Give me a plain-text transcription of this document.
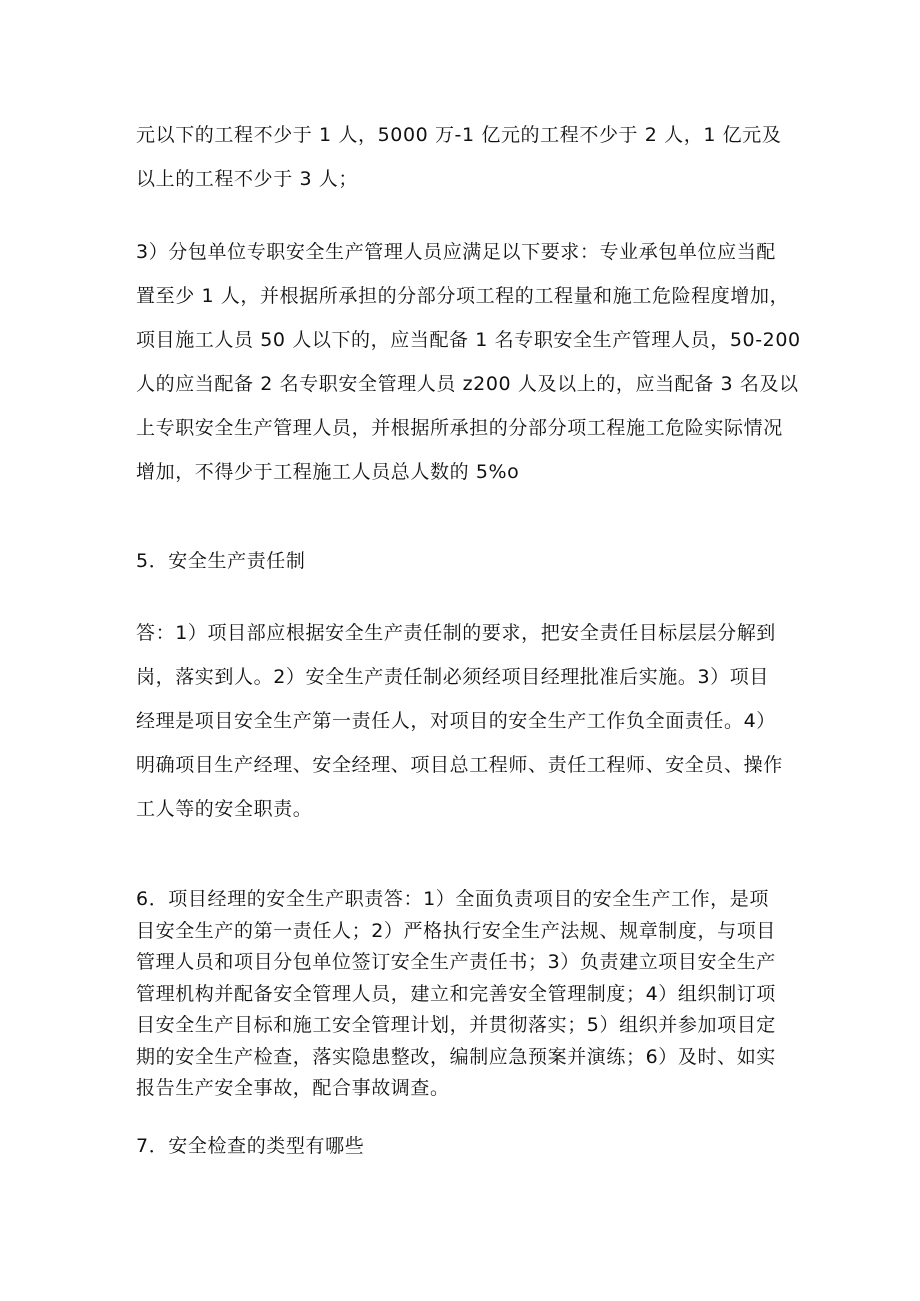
元以下的工程不少于 1 人，5000 万-1 亿元的工程不少于 2 人，1 亿元及
以上的工程不少于 3 人；
3）分包单位专职安全生产管理人员应满足以下要求：专业承包单位应当配
置至少 1 人，并根据所承担的分部分项工程的工程量和施工危险程度增加，
项目施工人员 50 人以下的，应当配备 1 名专职安全生产管理人员，50-200
人的应当配备 2 名专职安全管理人员 z200 人及以上的，应当配备 3 名及以
上专职安全生产管理人员，并根据所承担的分部分项工程施工危险实际情况
增加，不得少于工程施工人员总人数的 5%o
5．安全生产责任制
答：1）项目部应根据安全生产责任制的要求，把安全责任目标层层分解到
岗，落实到人。2）安全生产责任制必须经项目经理批准后实施。3）项目
经理是项目安全生产第一责任人，对项目的安全生产工作负全面责任。4）
明确项目生产经理、安全经理、项目总工程师、责任工程师、安全员、操作
工人等的安全职责。
6．项目经理的安全生产职责答：1）全面负责项目的安全生产工作，是项
目安全生产的第一责任人；2）严格执行安全生产法规、规章制度，与项目
管理人员和项目分包单位签订安全生产责任书；3）负责建立项目安全生产
管理机构并配备安全管理人员，建立和完善安全管理制度；4）组织制订项
目安全生产目标和施工安全管理计划，并贯彻落实；5）组织并参加项目定
期的安全生产检查，落实隐患整改，编制应急预案并演练；6）及时、如实
报告生产安全事故，配合事故调查。
7．安全检查的类型有哪些
